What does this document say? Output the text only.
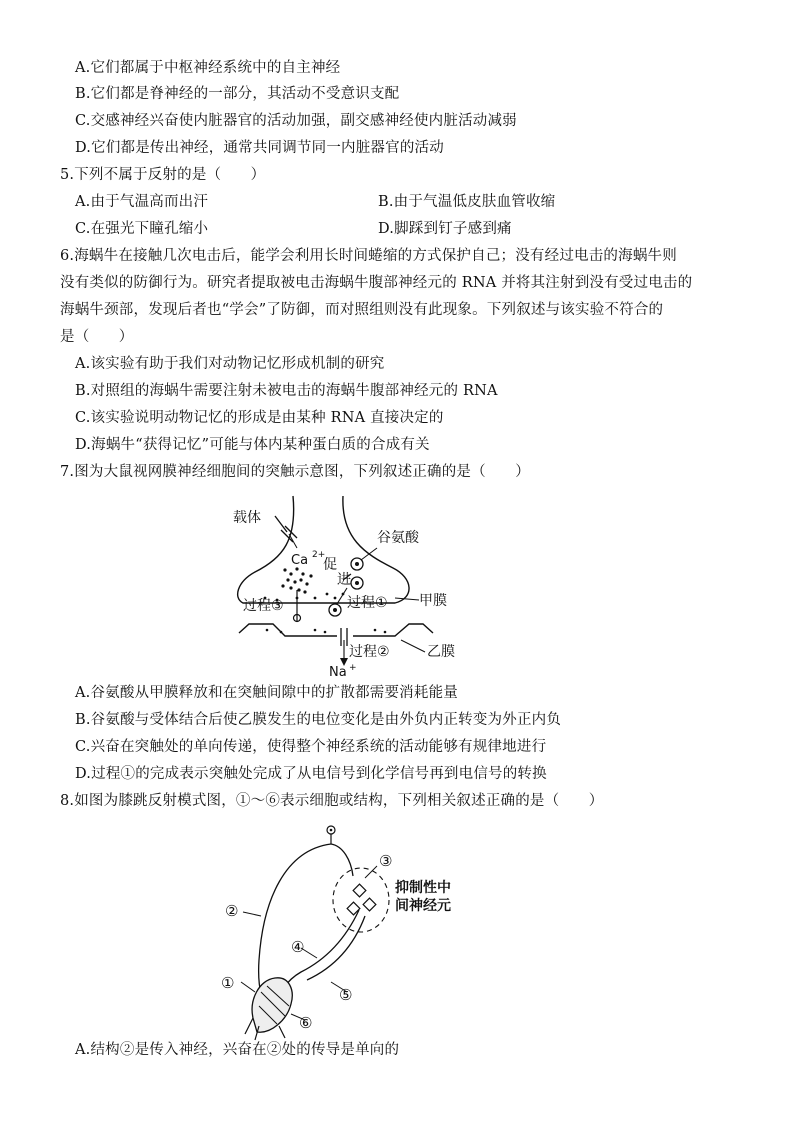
A.它们都属于中枢神经系统中的自主神经
B.它们都是脊神经的一部分，其活动不受意识支配
C.交感神经兴奋使内脏器官的活动加强，副交感神经使内脏活动减弱
D.它们都是传出神经，通常共同调节同一内脏器官的活动
5.下列不属于反射的是（　　）
A.由于气温高而出汗	B.由于气温低皮肤血管收缩
C.在强光下瞳孔缩小	D.脚踩到钉子感到痛
6.海蜗牛在接触几次电击后，能学会利用长时间蜷缩的方式保护自己；没有经过电击的海蜗牛则
没有类似的防御行为。研究者提取被电击海蜗牛腹部神经元的 RNA 并将其注射到没有受过电击的
海蜗牛颈部，发现后者也“学会”了防御，而对照组则没有此现象。下列叙述与该实验不符合的
是（　　）
A.该实验有助于我们对动物记忆形成机制的研究
B.对照组的海蜗牛需要注射未被电击的海蜗牛腹部神经元的 RNA
C.该实验说明动物记忆的形成是由某种 RNA 直接决定的
D.海蜗牛“获得记忆”可能与体内某种蛋白质的合成有关
7.图为大鼠视网膜神经细胞间的突触示意图，下列叙述正确的是（　　）
载体
Ca 2+
促
进
谷氨酸
过程①
过程③	甲膜
过程②	乙膜
Na +
A.谷氨酸从甲膜释放和在突触间隙中的扩散都需要消耗能量
B.谷氨酸与受体结合后使乙膜发生的电位变化是由外负内正转变为外正内负
C.兴奋在突触处的单向传递，使得整个神经系统的活动能够有规律地进行
D.过程①的完成表示突触处完成了从电信号到化学信号再到电信号的转换
8.如图为膝跳反射模式图，①～⑥表示细胞或结构，下列相关叙述正确的是（　　）
③
抑制性中
间神经元
②
④
⑤
①
⑥
A.结构②是传入神经，兴奋在②处的传导是单向的
